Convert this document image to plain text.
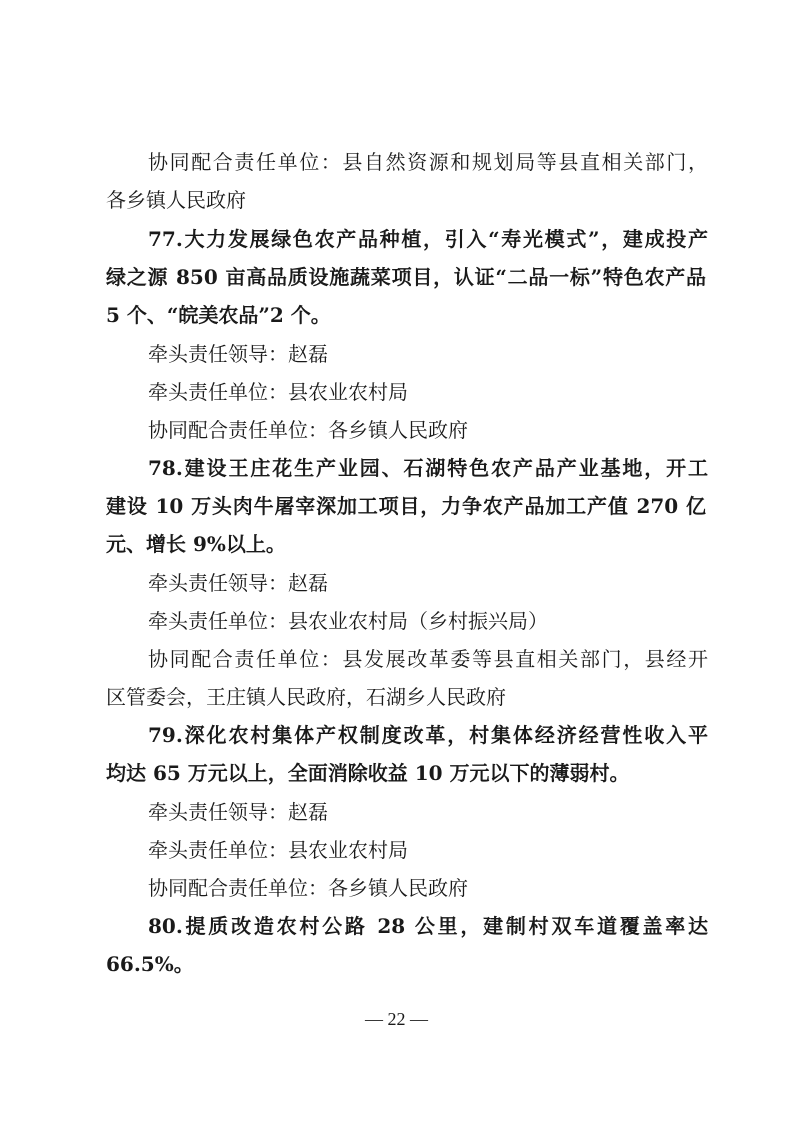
协同配合责任单位：县自然资源和规划局等县直相关部门，
各乡镇人民政府
77.大力发展绿色农产品种植，引入“寿光模式”，建成投产
绿之源 850 亩高品质设施蔬菜项目，认证“二品一标”特色农产品
5 个、“皖美农品”2 个。
牵头责任领导：赵磊
牵头责任单位：县农业农村局
协同配合责任单位：各乡镇人民政府
78.建设王庄花生产业园、石湖特色农产品产业基地，开工
建设 10 万头肉牛屠宰深加工项目，力争农产品加工产值 270 亿
元、增长 9%以上。
牵头责任领导：赵磊
牵头责任单位：县农业农村局（乡村振兴局）
协同配合责任单位：县发展改革委等县直相关部门，县经开
区管委会，王庄镇人民政府，石湖乡人民政府
79.深化农村集体产权制度改革，村集体经济经营性收入平
均达 65 万元以上，全面消除收益 10 万元以下的薄弱村。
牵头责任领导：赵磊
牵头责任单位：县农业农村局
协同配合责任单位：各乡镇人民政府
80.提质改造农村公路 28 公里，建制村双车道覆盖率达
66.5%。
— 22 —
